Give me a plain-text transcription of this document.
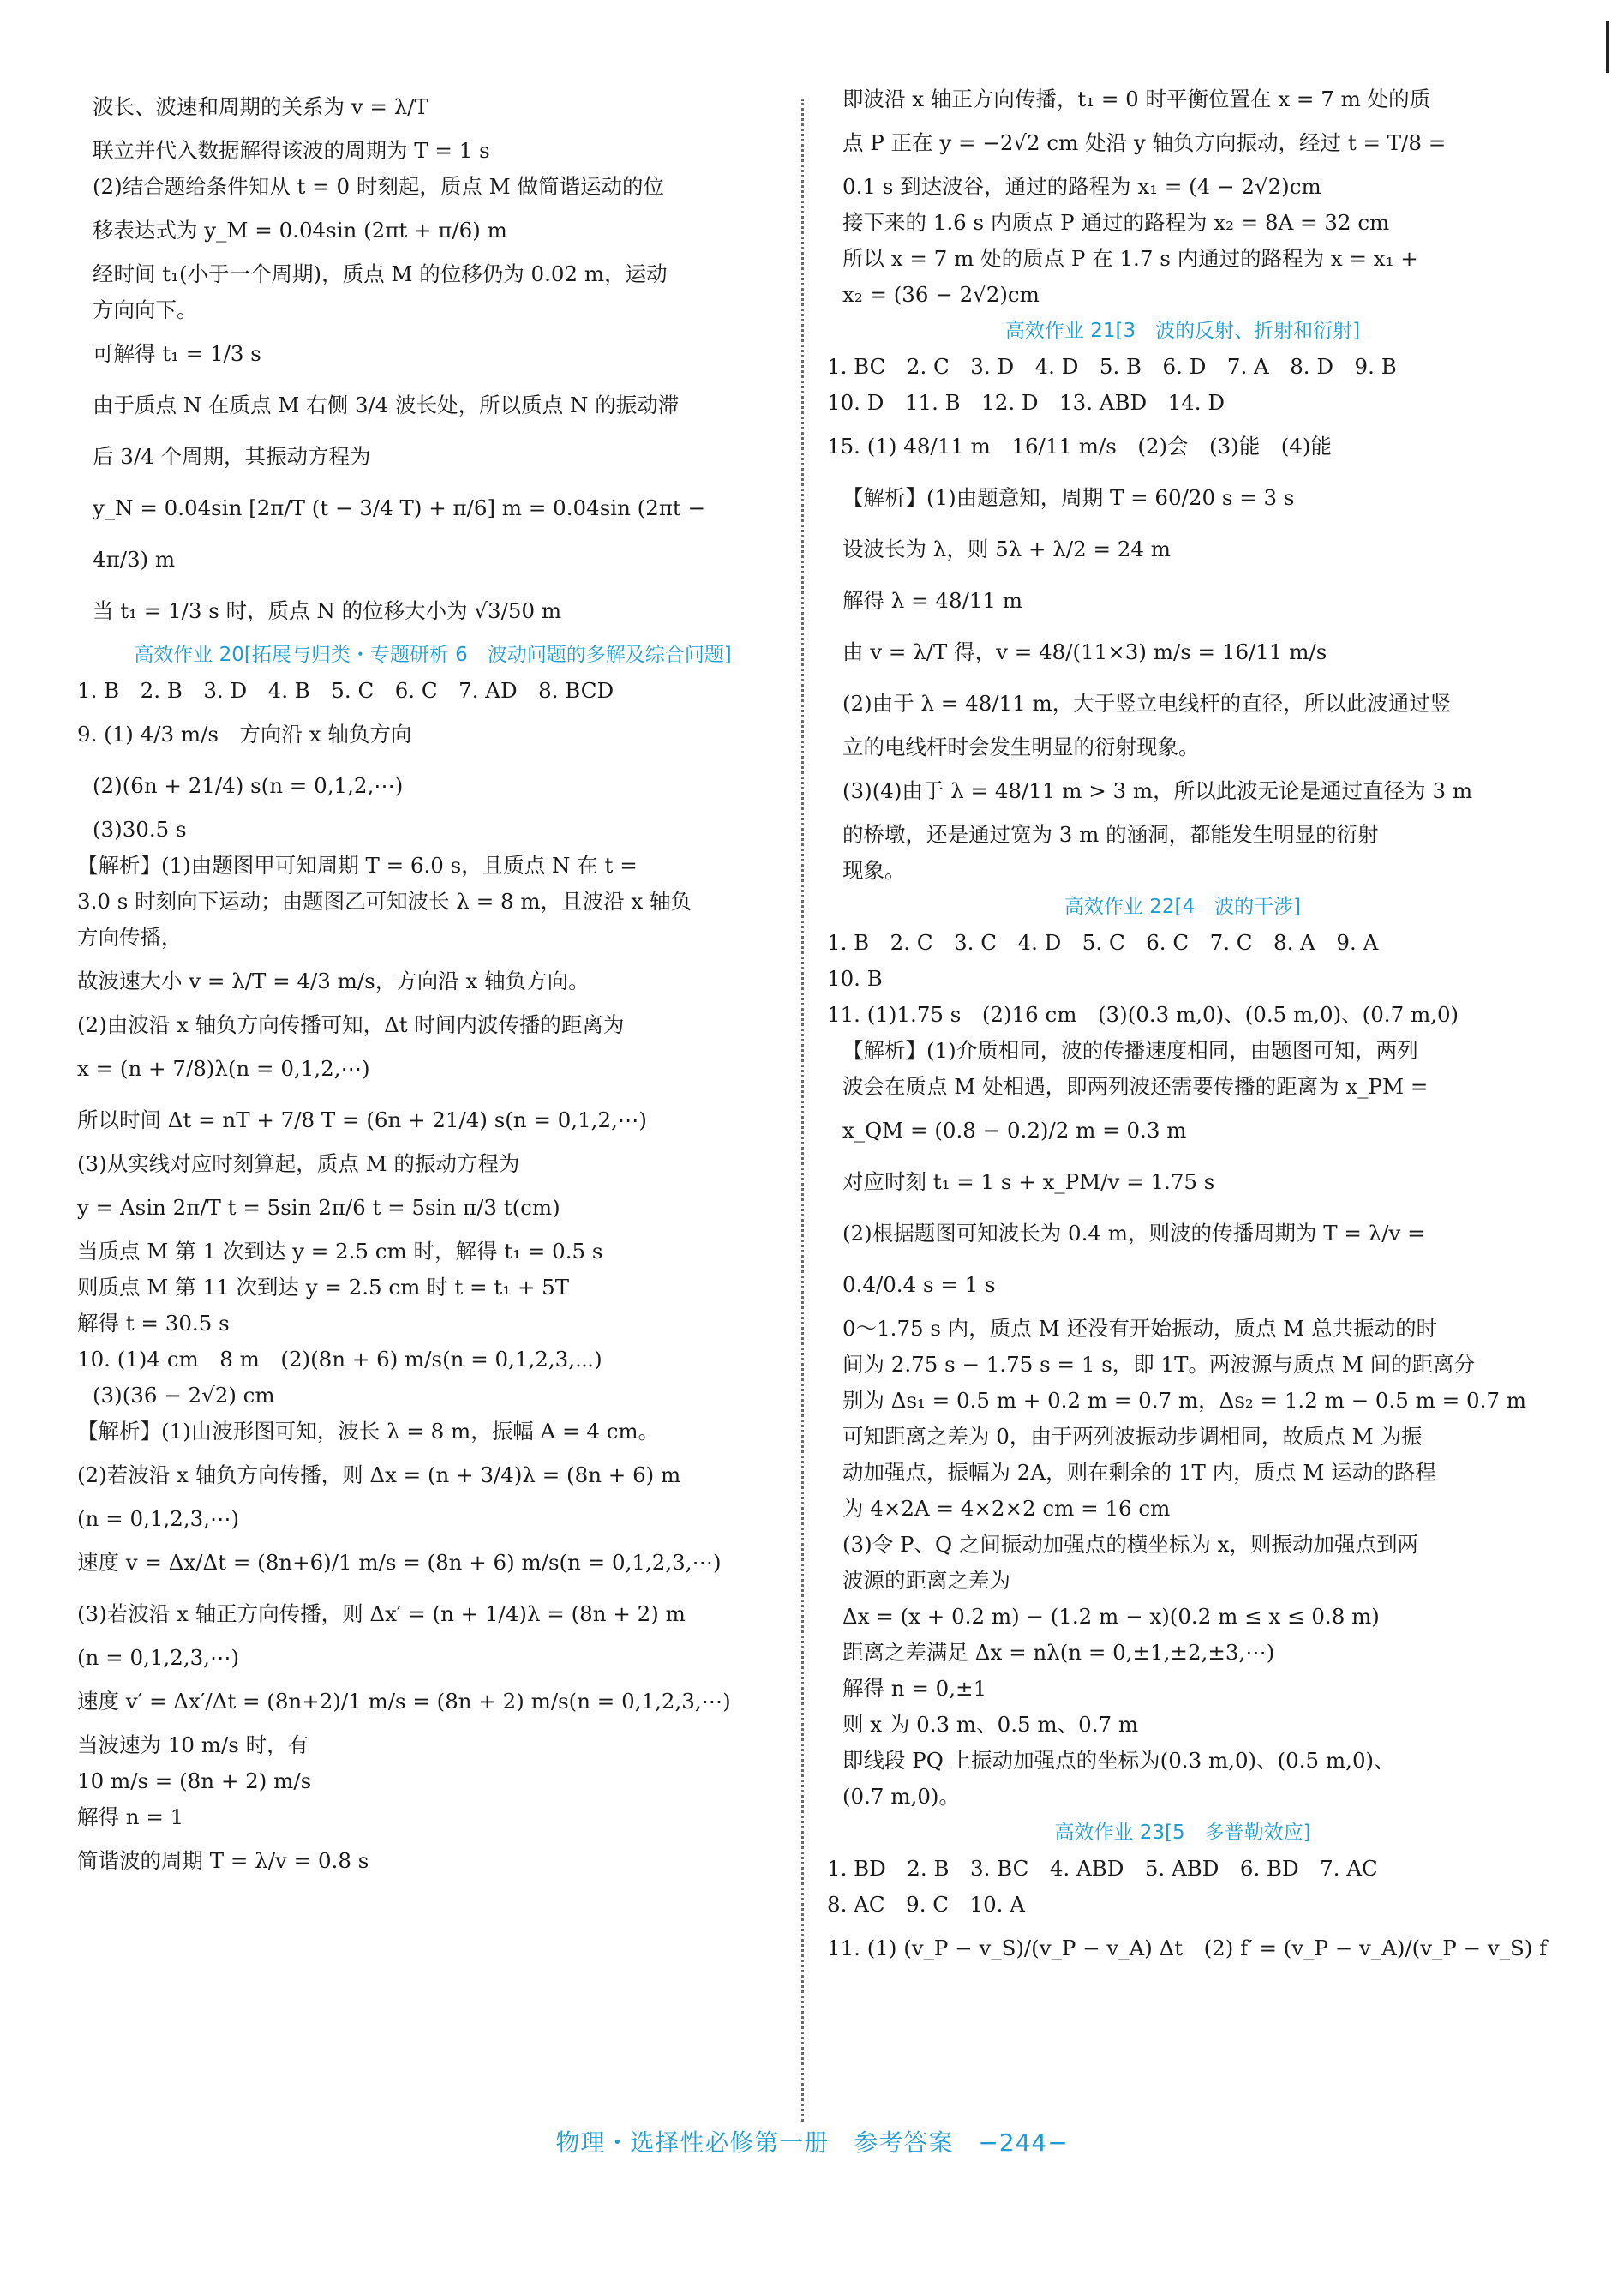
波长、波速和周期的关系为 v = λ/T
联立并代入数据解得该波的周期为 T = 1 s
(2)结合题给条件知从 t = 0 时刻起，质点 M 做简谐运动的位
移表达式为 y_M = 0.04sin (2πt + π/6) m
经时间 t₁(小于一个周期)，质点 M 的位移仍为 0.02 m，运动
方向向下。
可解得 t₁ = 1/3 s
由于质点 N 在质点 M 右侧 3/4 波长处，所以质点 N 的振动滞
后 3/4 个周期，其振动方程为
y_N = 0.04sin [2π/T (t − 3/4 T) + π/6] m = 0.04sin (2πt −
4π/3) m
当 t₁ = 1/3 s 时，质点 N 的位移大小为 √3/50 m
高效作业 20[拓展与归类・专题研析 6　波动问题的多解及综合问题]
1. B　2. B　3. D　4. B　5. C　6. C　7. AD　8. BCD
9. (1) 4/3 m/s　方向沿 x 轴负方向
(2)(6n + 21/4) s(n = 0,1,2,⋯)
(3)30.5 s
【解析】(1)由题图甲可知周期 T = 6.0 s，且质点 N 在 t =
3.0 s 时刻向下运动；由题图乙可知波长 λ = 8 m，且波沿 x 轴负
方向传播，
故波速大小 v = λ/T = 4/3 m/s，方向沿 x 轴负方向。
(2)由波沿 x 轴负方向传播可知，Δt 时间内波传播的距离为
x = (n + 7/8)λ(n = 0,1,2,⋯)
所以时间 Δt = nT + 7/8 T = (6n + 21/4) s(n = 0,1,2,⋯)
(3)从实线对应时刻算起，质点 M 的振动方程为
y = Asin 2π/T t = 5sin 2π/6 t = 5sin π/3 t(cm)
当质点 M 第 1 次到达 y = 2.5 cm 时，解得 t₁ = 0.5 s
则质点 M 第 11 次到达 y = 2.5 cm 时 t = t₁ + 5T
解得 t = 30.5 s
10. (1)4 cm　8 m　(2)(8n + 6) m/s(n = 0,1,2,3,⋯)
(3)(36 − 2√2) cm
【解析】(1)由波形图可知，波长 λ = 8 m，振幅 A = 4 cm。
(2)若波沿 x 轴负方向传播，则 Δx = (n + 3/4)λ = (8n + 6) m
(n = 0,1,2,3,⋯)
速度 v = Δx/Δt = (8n+6)/1 m/s = (8n + 6) m/s(n = 0,1,2,3,⋯)
(3)若波沿 x 轴正方向传播，则 Δx′ = (n + 1/4)λ = (8n + 2) m
(n = 0,1,2,3,⋯)
速度 v′ = Δx′/Δt = (8n+2)/1 m/s = (8n + 2) m/s(n = 0,1,2,3,⋯)
当波速为 10 m/s 时，有
10 m/s = (8n + 2) m/s
解得 n = 1
简谐波的周期 T = λ/v = 0.8 s
即波沿 x 轴正方向传播，t₁ = 0 时平衡位置在 x = 7 m 处的质
点 P 正在 y = −2√2 cm 处沿 y 轴负方向振动，经过 t = T/8 =
0.1 s 到达波谷，通过的路程为 x₁ = (4 − 2√2)cm
接下来的 1.6 s 内质点 P 通过的路程为 x₂ = 8A = 32 cm
所以 x = 7 m 处的质点 P 在 1.7 s 内通过的路程为 x = x₁ +
x₂ = (36 − 2√2)cm
高效作业 21[3　波的反射、折射和衍射]
1. BC　2. C　3. D　4. D　5. B　6. D　7. A　8. D　9. B
10. D　11. B　12. D　13. ABD　14. D
15. (1) 48/11 m　16/11 m/s　(2)会　(3)能　(4)能
【解析】(1)由题意知，周期 T = 60/20 s = 3 s
设波长为 λ，则 5λ + λ/2 = 24 m
解得 λ = 48/11 m
由 v = λ/T 得，v = 48/(11×3) m/s = 16/11 m/s
(2)由于 λ = 48/11 m，大于竖立电线杆的直径，所以此波通过竖
立的电线杆时会发生明显的衍射现象。
(3)(4)由于 λ = 48/11 m > 3 m，所以此波无论是通过直径为 3 m
的桥墩，还是通过宽为 3 m 的涵洞，都能发生明显的衍射
现象。
高效作业 22[4　波的干涉]
1. B　2. C　3. C　4. D　5. C　6. C　7. C　8. A　9. A
10. B
11. (1)1.75 s　(2)16 cm　(3)(0.3 m,0)、(0.5 m,0)、(0.7 m,0)
【解析】(1)介质相同，波的传播速度相同，由题图可知，两列
波会在质点 M 处相遇，即两列波还需要传播的距离为 x_PM =
x_QM = (0.8 − 0.2)/2 m = 0.3 m
对应时刻 t₁ = 1 s + x_PM/v = 1.75 s
(2)根据题图可知波长为 0.4 m，则波的传播周期为 T = λ/v =
0.4/0.4 s = 1 s
0～1.75 s 内，质点 M 还没有开始振动，质点 M 总共振动的时
间为 2.75 s − 1.75 s = 1 s，即 1T。两波源与质点 M 间的距离分
别为 Δs₁ = 0.5 m + 0.2 m = 0.7 m，Δs₂ = 1.2 m − 0.5 m = 0.7 m
可知距离之差为 0，由于两列波振动步调相同，故质点 M 为振
动加强点，振幅为 2A，则在剩余的 1T 内，质点 M 运动的路程
为 4×2A = 4×2×2 cm = 16 cm
(3)令 P、Q 之间振动加强点的横坐标为 x，则振动加强点到两
波源的距离之差为
Δx = (x + 0.2 m) − (1.2 m − x)(0.2 m ≤ x ≤ 0.8 m)
距离之差满足 Δx = nλ(n = 0,±1,±2,±3,⋯)
解得 n = 0,±1
则 x 为 0.3 m、0.5 m、0.7 m
即线段 PQ 上振动加强点的坐标为(0.3 m,0)、(0.5 m,0)、
(0.7 m,0)。
高效作业 23[5　多普勒效应]
1. BD　2. B　3. BC　4. ABD　5. ABD　6. BD　7. AC
8. AC　9. C　10. A
11. (1) (v_P − v_S)/(v_P − v_A) Δt　(2) f′ = (v_P − v_A)/(v_P − v_S) f
物理・选择性必修第一册　参考答案　−244−
